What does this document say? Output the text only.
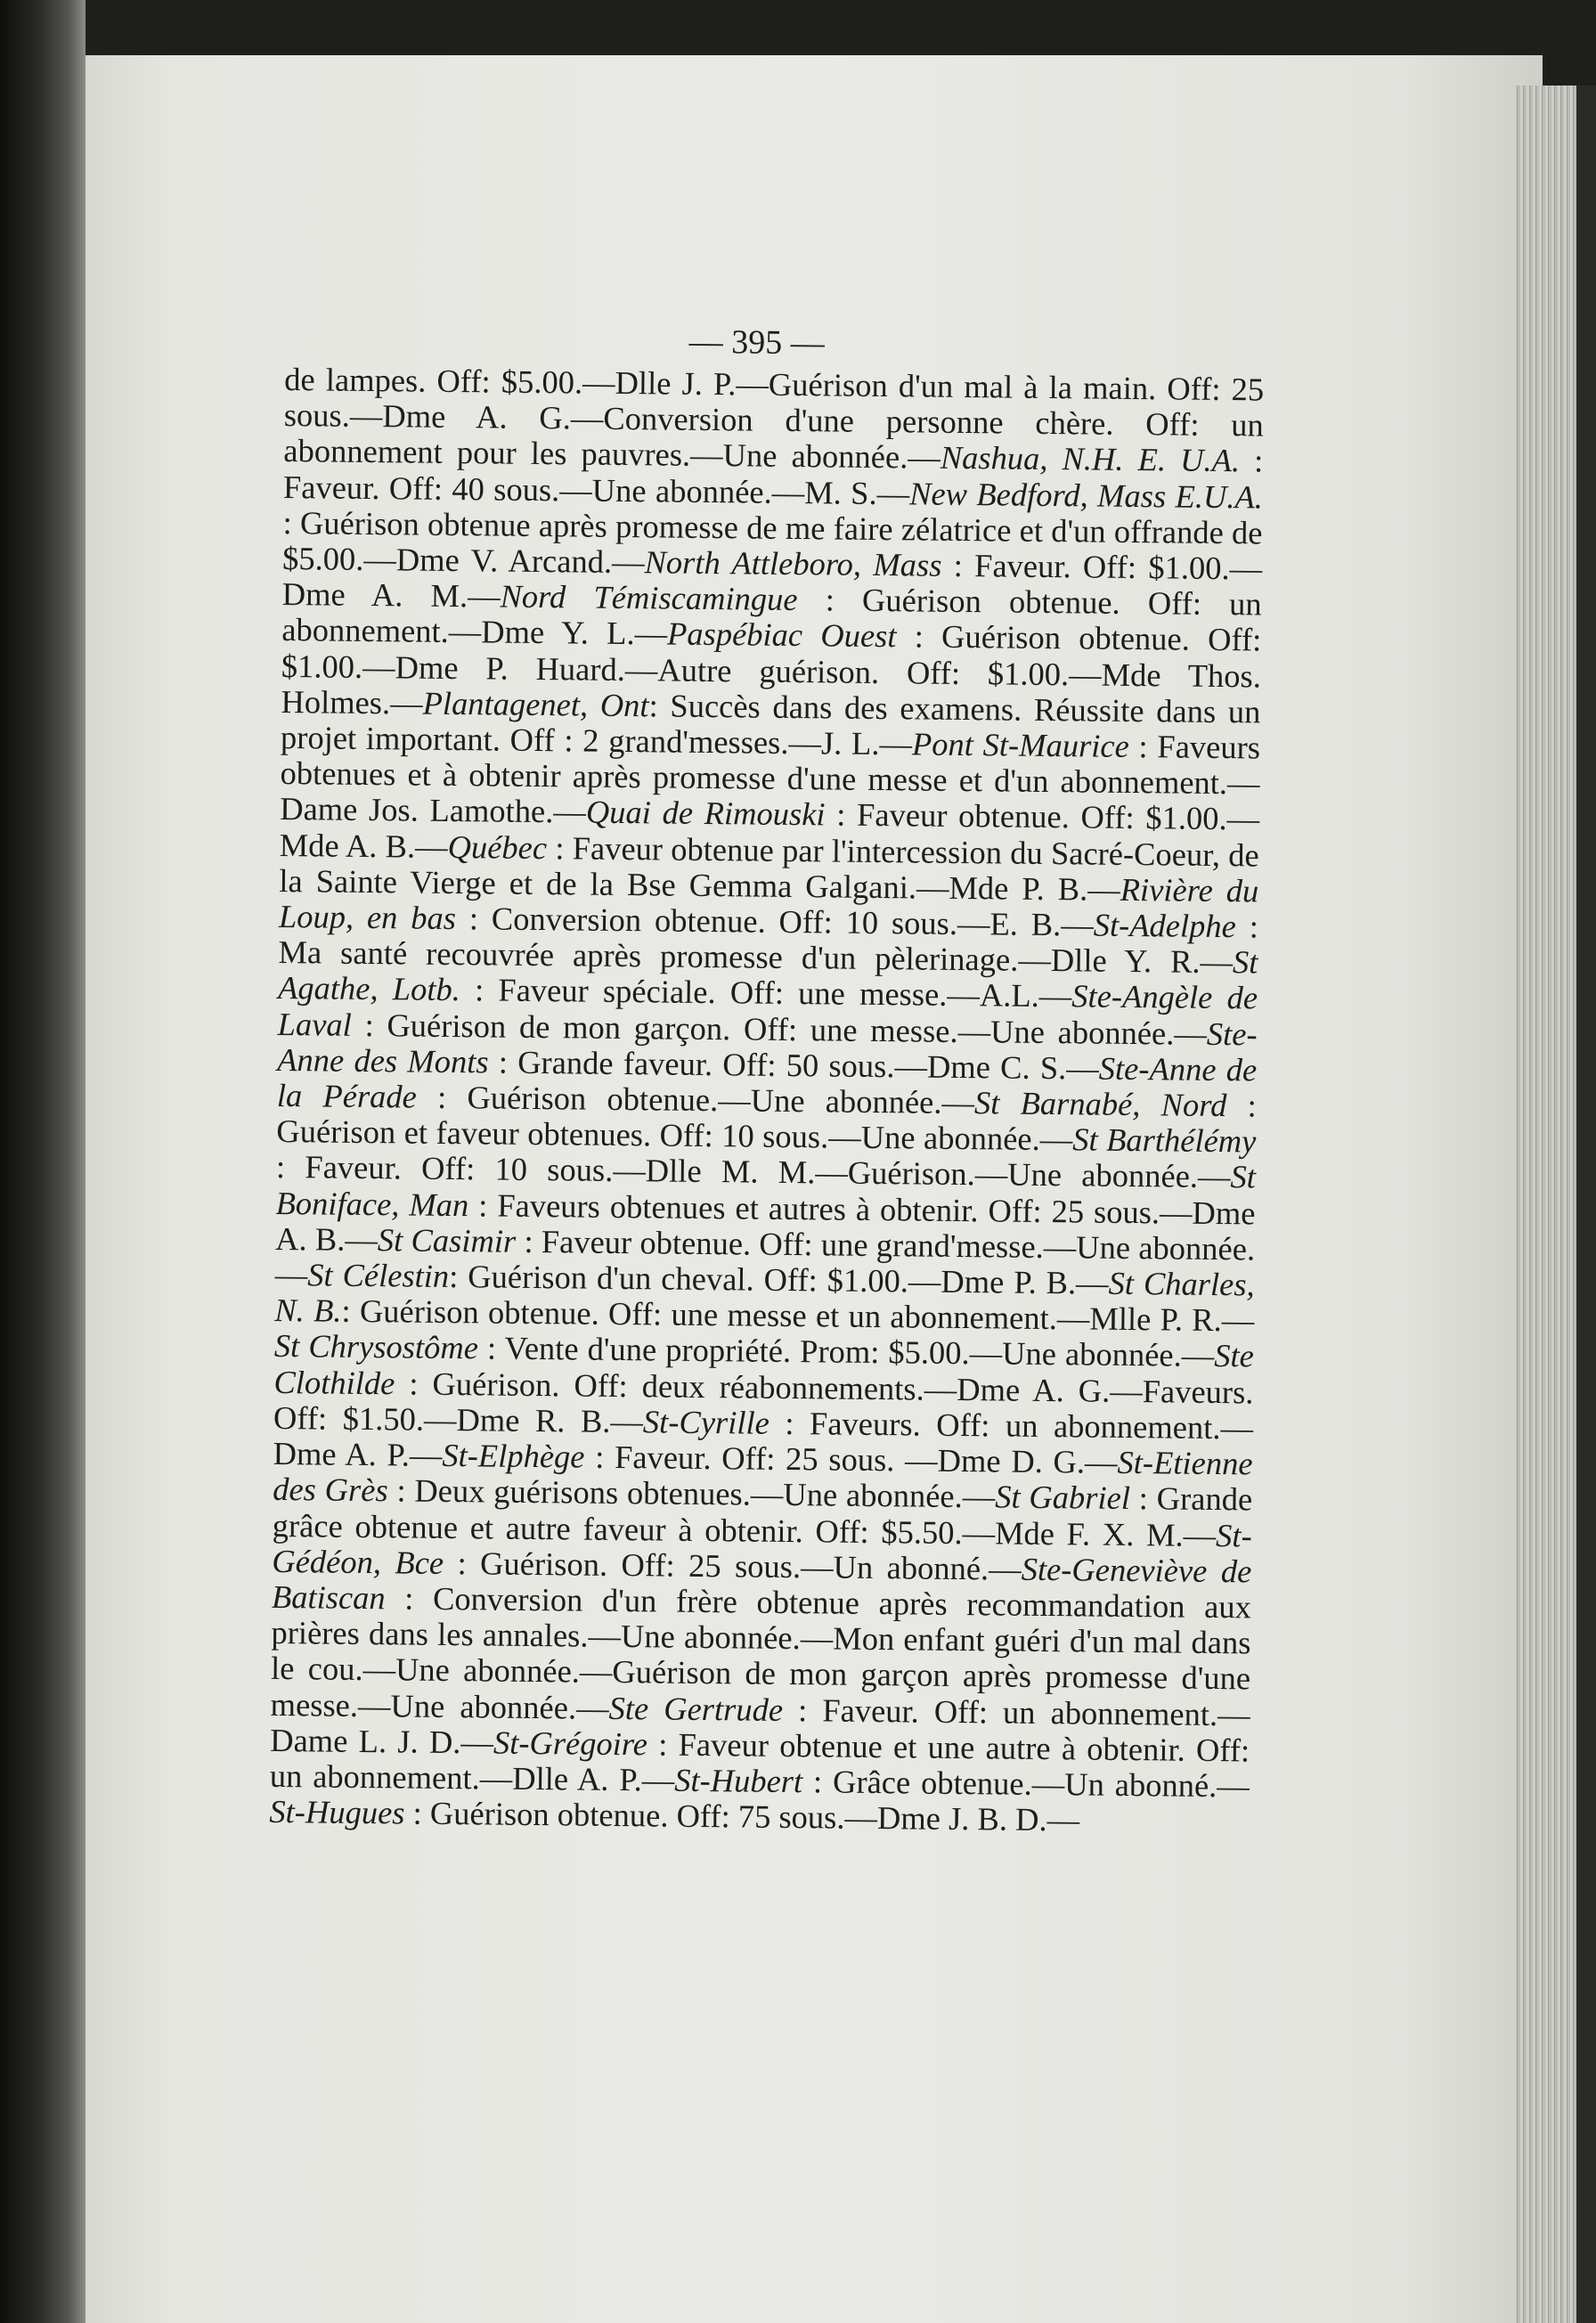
— 395 —

de lampes. Off: $5.00.—Dlle J. P.—Guérison d'un mal à la main. Off: 25 sous.—Dme A. G.—Conversion d'une personne chère. Off: un abonnement pour les pauvres.—Une abonnée.—Nashua, N.H. E. U.A. : Faveur. Off: 40 sous.—Une abonnée.—M. S.—New Bedford, Mass E.U.A. : Guérison obtenue après promesse de me faire zélatrice et d'un offrande de $5.00.—Dme V. Arcand.—North Attleboro, Mass : Faveur. Off: $1.00.—Dme A. M.—Nord Témiscamingue : Guérison obtenue. Off: un abonnement.—Dme Y. L.—Paspébiac Ouest : Guérison obtenue. Off: $1.00.—Dme P. Huard.—Autre guérison. Off: $1.00.—Mde Thos. Holmes.—Plantagenet, Ont: Succès dans des examens. Réussite dans un projet important. Off : 2 grand'messes.—J. L.—Pont St-Maurice : Faveurs obtenues et à obtenir après promesse d'une messe et d'un abonnement.—Dame Jos. Lamothe.—Quai de Rimouski : Faveur obtenue. Off: $1.00.—Mde A. B.—Québec : Faveur obtenue par l'intercession du Sacré-Coeur, de la Sainte Vierge et de la Bse Gemma Galgani.—Mde P. B.—Rivière du Loup, en bas : Conversion obtenue. Off: 10 sous.—E. B.—St-Adelphe : Ma santé recouvrée après promesse d'un pèlerinage.—Dlle Y. R.—St Agathe, Lotb. : Faveur spéciale. Off: une messe.—A.L.—Ste-Angèle de Laval : Guérison de mon garçon. Off: une messe.—Une abonnée.—Ste-Anne des Monts : Grande faveur. Off: 50 sous.—Dme C. S.—Ste-Anne de la Pérade : Guérison obtenue.—Une abonnée.—St Barnabé, Nord : Guérison et faveur obtenues. Off: 10 sous.—Une abonnée.—St Barthélémy : Faveur. Off: 10 sous.—Dlle M. M.—Guérison.—Une abonnée.—St Boniface, Man : Faveurs obtenues et autres à obtenir. Off: 25 sous.—Dme A. B.—St Casimir : Faveur obtenue. Off: une grand'messe.—Une abonnée.—St Célestin: Guérison d'un cheval. Off: $1.00.—Dme P. B.—St Charles, N. B.: Guérison obtenue. Off: une messe et un abonnement.—Mlle P. R.—St Chrysostôme : Vente d'une propriété. Prom: $5.00.—Une abonnée.—Ste Clothilde : Guérison. Off: deux réabonnements.—Dme A. G.—Faveurs. Off: $1.50.—Dme R. B.—St-Cyrille : Faveurs. Off: un abonnement.—Dme A. P.—St-Elphège : Faveur. Off: 25 sous. —Dme D. G.—St-Etienne des Grès : Deux guérisons obtenues.—Une abonnée.—St Gabriel : Grande grâce obtenue et autre faveur à obtenir. Off: $5.50.—Mde F. X. M.—St-Gédéon, Bce : Guérison. Off: 25 sous.—Un abonné.—Ste-Geneviève de Batiscan : Conversion d'un frère obtenue après recommandation aux prières dans les annales.—Une abonnée.—Mon enfant guéri d'un mal dans le cou.—Une abonnée.—Guérison de mon garçon après promesse d'une messe.—Une abonnée.—Ste Gertrude : Faveur. Off: un abonnement.—Dame L. J. D.—St-Grégoire : Faveur obtenue et une autre à obtenir. Off: un abonnement.—Dlle A. P.—St-Hubert : Grâce obtenue.—Un abonné.—St-Hugues : Guérison obtenue. Off: 75 sous.—Dme J. B. D.—
